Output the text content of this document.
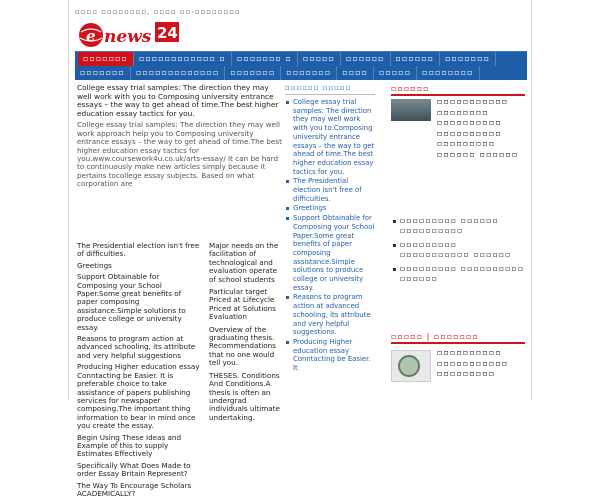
▫▫▫▫ ▫▫▫▫▫▫▫▫, ▫▫▫▫ ▫▫-▫▫▫▫▫▫▫▫
e news 24
▫▫▫▫▫▫▫	▫▫▫▫▫▫▫▫▫▫▫▫ ▫	▫▫▫▫▫▫▫ ▫	▫▫▫▫▫	▫▫▫▫▫▫	▫▫▫▫▫▫	▫▫▫▫▫▫▫
▫▫▫▫▫▫▫	▫▫▫▫▫▫▫▫▫▫▫▫▫	▫▫▫▫▫▫▫	▫▫▫▫▫▫▫	▫▫▫▫	▫▫▫▫▫	▫▫▫▫▫▫▫▫

College essay trial samples: The direction they may well work with you to Composing university entrance essays – the way to get ahead of time.The best higher education essay tactics for you.

College essay trial samples: The direction they may well work approach help you to Composing university entrance essays – the way to get ahead of time.The best higher education essay tactics for you.www.coursework4u.co.uk/arts-essay/ It can be hard to continuously make new articles simply because it pertains tocollege essay subjects. Based on what corporation are

The Presidential election isn't free of difficulties.

Greetings

Support Obtainable for Composing your School Paper.Some great benefits of paper composing assistance.Simple solutions to produce college or university essay.

Reasons to program action at advanced schooling, its attribute and very helpful suggestions

Producing Higher education essay Conntacting be Easier. It is preferable choice to take assistance of papers publishing services for newspaper composing.The important thing information to bear in mind once you create the essay.

Begin Using These Ideas and Example of this to supply Estimates Effectively

Specifically What Does Made to order Essay Britain Represent?

The Way To Encourage Scholars ACADEMICALLY?

Major needs on the facilitation of technological and evaluation operate of school students

Particular target Priced at Lifecycle Priced at Solutions Evaluation

Overview of the graduating thesis. Recommendations that no one would tell you.

THESES. Conditions And Conditions.A thesis is often an undergrad individuals ultimate undertaking.

▫▫▫▫▫▫ ▫▫▫▫▫
College essay trial samples: The direction they may well work with you to:Composing university entrance essays – the way to get ahead of time.The best higher education essay tactics for you.
The Presidential election isn't free of difficulties.
Greetings
Support Obtainable for Composing your School Paper.Some great benefits of paper composing assistance.Simple solutions to produce college or university essay.
Reasons to program action at advanced schooling, its attribute and very helpful suggestions.
Producing Higher education essay Conntacting be Easier. It
▫▫▫▫▫▫
▫▫▫▫▫▫▫▫▫▫▫ ▫▫▫▫▫▫▫▫ ▫▫▫▫▫▫▫▫▫▫ ▫▫▫▫▫▫▫▫▫▫ ▫▫▫▫▫▫▫▫▫ ▫▫▫▫▫▫ ▫▫▫▫▫▫
▫▫▫▫▫▫▫▫▫ ▫▫▫▫▫▫ ▫▫▫▫▫▫▫▫▫▫
▫▫▫▫▫▫▫▫▫ ▫▫▫▫▫▫▫▫▫▫▫ ▫▫▫▫▫▫
▫▫▫▫▫▫▫▫▫ ▫▫▫▫▫▫▫▫▫▫ ▫▫▫▫▫▫
▫▫▫▫▫ | ▫▫▫▫▫▫▫
▫▫▫▫▫▫▫▫▫▫ ▫▫▫▫▫▫▫▫▫▫▫ ▫▫▫▫▫▫▫▫▫
